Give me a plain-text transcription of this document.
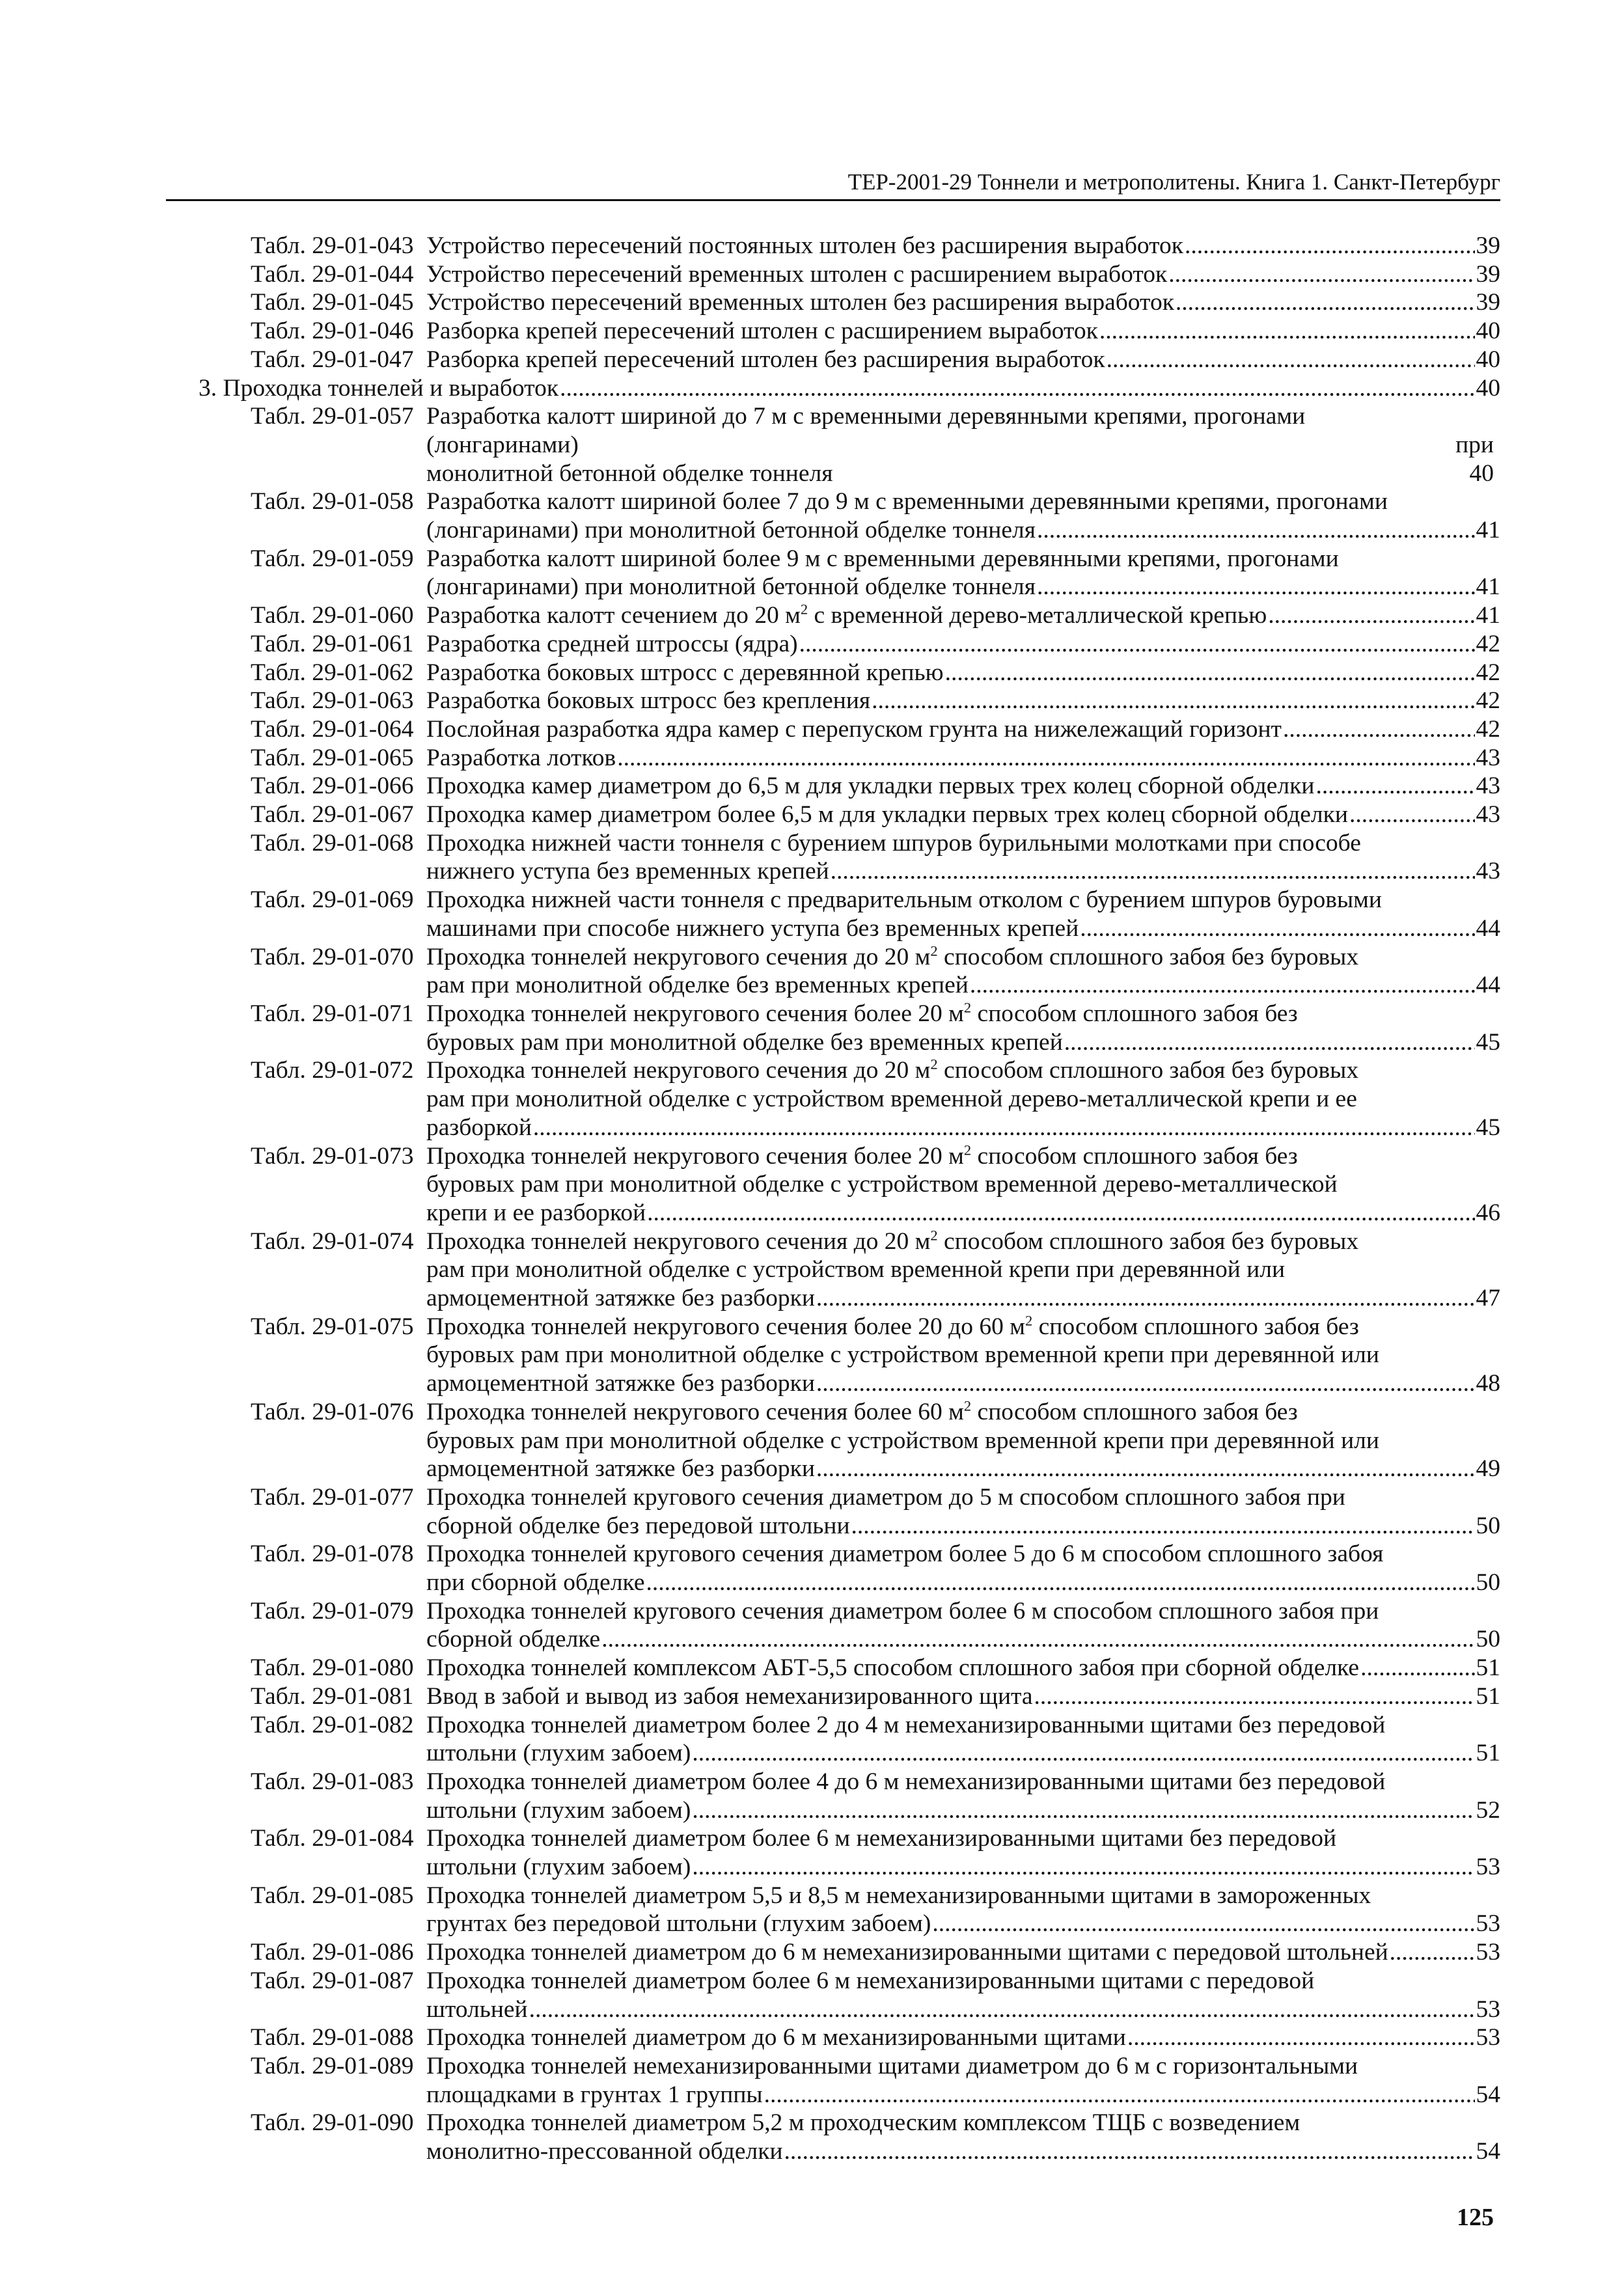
ТЕР-2001-29 Тоннели и метрополитены. Книга 1. Санкт-Петербург
Табл. 29-01-043 Устройство пересечений постоянных штолен без расширения выработок .....	39
Табл. 29-01-044 Устройство пересечений временных штолен с расширением выработок .....	39
Табл. 29-01-045 Устройство пересечений временных штолен без расширения выработок .....	39
Табл. 29-01-046 Разборка крепей пересечений штолен с расширением выработок .....	40
Табл. 29-01-047 Разборка крепей пересечений штолен без расширения выработок .....	40
3. Проходка тоннелей и выработок .....	40
Табл. 29-01-057 Разработка калотт шириной до 7 м с временными деревянными крепями, прогонами
(лонгаринами)	при
монолитной бетонной обделке тоннеля	40
Табл. 29-01-058 Разработка калотт шириной более 7 до 9 м с временными деревянными крепями, прогонами
(лонгаринами) при монолитной бетонной обделке тоннеля .....	41
Табл. 29-01-059 Разработка калотт шириной более 9 м с временными деревянными крепями, прогонами
(лонгаринами) при монолитной бетонной обделке тоннеля .....	41
Табл. 29-01-060 Разработка калотт сечением до 20 $м^2$ с временной дерево-металлической крепью .....	41
Табл. 29-01-061 Разработка средней штроссы (ядра) .....	42
Табл. 29-01-062 Разработка боковых штросс с деревянной крепью .....	42
Табл. 29-01-063 Разработка боковых штросс без крепления .....	42
Табл. 29-01-064 Послойная разработка ядра камер с перепуском грунта на нижележащий горизонт .....	42
Табл. 29-01-065 Разработка лотков .....	43
Табл. 29-01-066 Проходка камер диаметром до 6,5 м для укладки первых трех колец сборной обделки .....	43
Табл. 29-01-067 Проходка камер диаметром более 6,5 м для укладки первых трех колец сборной обделки .....	43
Табл. 29-01-068 Проходка нижней части тоннеля с бурением шпуров бурильными молотками при способе
нижнего уступа без временных крепей .....	43
Табл. 29-01-069 Проходка нижней части тоннеля с предварительным отколом с бурением шпуров буровыми
машинами при способе нижнего уступа без временных крепей .....	44
Табл. 29-01-070 Проходка тоннелей некругового сечения до 20 $м^2$ способом сплошного забоя без буровых
рам при монолитной обделке без временных крепей .....	44
Табл. 29-01-071 Проходка тоннелей некругового сечения более 20 $м^2$ способом сплошного забоя без
буровых рам при монолитной обделке без временных крепей .....	45
Табл. 29-01-072 Проходка тоннелей некругового сечения до 20 $м^2$ способом сплошного забоя без буровых
рам при монолитной обделке с устройством временной дерево-металлической крепи и ее
разборкой .....	45
Табл. 29-01-073 Проходка тоннелей некругового сечения более 20 $м^2$ способом сплошного забоя без
буровых рам при монолитной обделке с устройством временной дерево-металлической
крепи и ее разборкой .....	46
Табл. 29-01-074 Проходка тоннелей некругового сечения до 20 $м^2$ способом сплошного забоя без буровых
рам при монолитной обделке с устройством временной крепи при деревянной или
армоцементной затяжке без разборки .....	47
Табл. 29-01-075 Проходка тоннелей некругового сечения более 20 до 60 $м^2$ способом сплошного забоя без
буровых рам при монолитной обделке с устройством временной крепи при деревянной или
армоцементной затяжке без разборки .....	48
Табл. 29-01-076 Проходка тоннелей некругового сечения более 60 $м^2$ способом сплошного забоя без
буровых рам при монолитной обделке с устройством временной крепи при деревянной или
армоцементной затяжке без разборки .....	49
Табл. 29-01-077 Проходка тоннелей кругового сечения диаметром до 5 м способом сплошного забоя при
сборной обделке без передовой штольни .....	50
Табл. 29-01-078 Проходка тоннелей кругового сечения диаметром более 5 до 6 м способом сплошного забоя
при сборной обделке .....	50
Табл. 29-01-079 Проходка тоннелей кругового сечения диаметром более 6 м способом сплошного забоя при
сборной обделке .....	50
Табл. 29-01-080 Проходка тоннелей комплексом АБТ-5,5 способом сплошного забоя при сборной обделке .....	51
Табл. 29-01-081 Ввод в забой и вывод из забоя немеханизированного щита .....	51
Табл. 29-01-082 Проходка тоннелей диаметром более 2 до 4 м немеханизированными щитами без передовой
штольни (глухим забоем) .....	51
Табл. 29-01-083 Проходка тоннелей диаметром более 4 до 6 м немеханизированными щитами без передовой
штольни (глухим забоем) .....	52
Табл. 29-01-084 Проходка тоннелей диаметром более 6 м немеханизированными щитами без передовой
штольни (глухим забоем) .....	53
Табл. 29-01-085 Проходка тоннелей диаметром 5,5 и 8,5 м немеханизированными щитами в замороженных
грунтах без передовой штольни (глухим забоем) .....	53
Табл. 29-01-086 Проходка тоннелей диаметром до 6 м немеханизированными щитами с передовой штольней .....	53
Табл. 29-01-087 Проходка тоннелей диаметром более 6 м немеханизированными щитами с передовой
штольней .....	53
Табл. 29-01-088 Проходка тоннелей диаметром до 6 м механизированными щитами .....	53
Табл. 29-01-089 Проходка тоннелей немеханизированными щитами диаметром до 6 м с горизонтальными
площадками в грунтах 1 группы .....	54
Табл. 29-01-090 Проходка тоннелей диаметром 5,2 м проходческим комплексом ТЩБ с возведением
монолитно-прессованной обделки .....	54
125
